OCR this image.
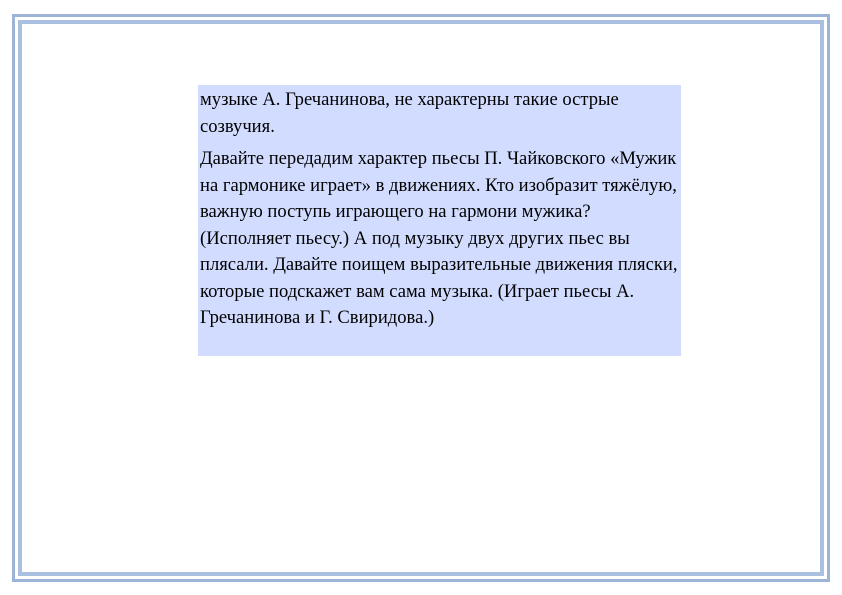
музыке А. Гречанинова, не характерны такие острые созвучия.

Давайте передадим характер пьесы П. Чайковского «Мужик на гармонике играет» в движениях. Кто изобразит тяжёлую, важную поступь играющего на гармони мужика? (Исполняет пьесу.) А под музыку двух других пьес вы плясали. Давайте поищем выразительные движения пляски, которые подскажет вам сама музыка. (Играет пьесы А. Гречанинова и Г. Свиридова.)
